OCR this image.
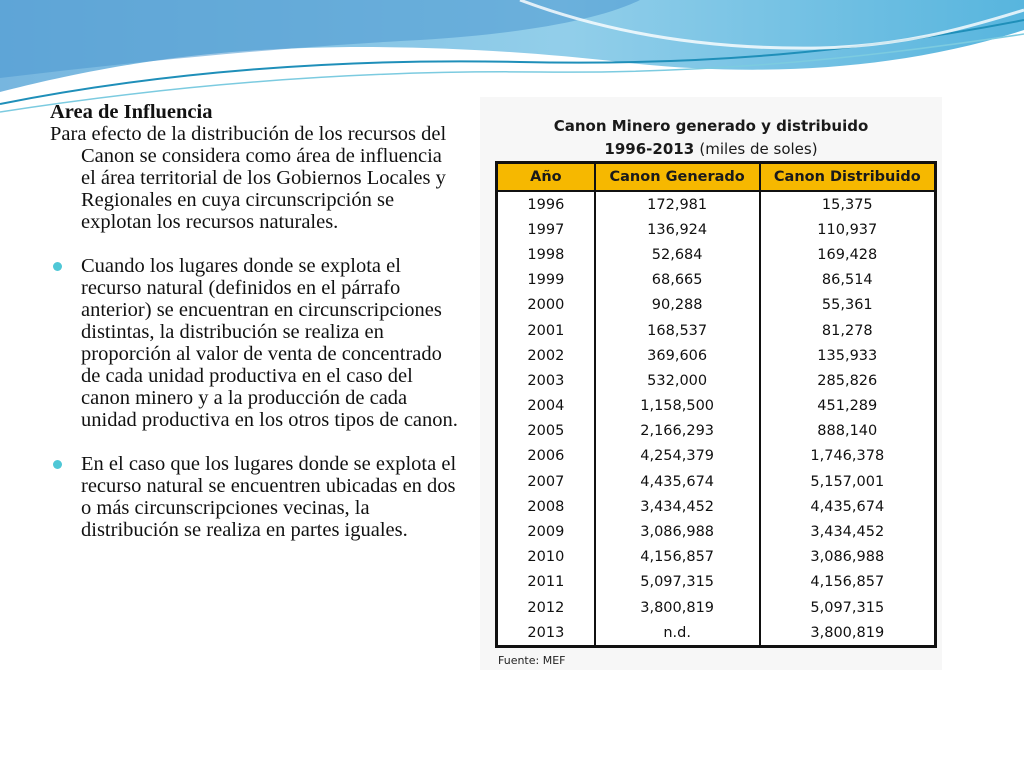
Area de Influencia

Para efecto de la distribución de los recursos del Canon se considera como área de influencia el área territorial de los Gobiernos Locales y Regionales en cuya circunscripción se explotan los recursos naturales.

Cuando los lugares donde se explota el recurso natural (definidos en el párrafo anterior) se encuentran en circunscripciones distintas, la distribución se realiza en proporción al valor de venta de concentrado de cada unidad productiva en el caso del canon minero y a la producción de cada unidad productiva en los otros tipos de canon.
En el caso que los lugares donde se explota el recurso natural se encuentren ubicadas en dos o más circunscripciones vecinas, la distribución se realiza en partes iguales.
Canon Minero generado y distribuido
1996-2013 (miles de soles)
Año	Canon Generado	Canon Distribuido
1996	172,981	15,375
1997	136,924	110,937
1998	52,684	169,428
1999	68,665	86,514
2000	90,288	55,361
2001	168,537	81,278
2002	369,606	135,933
2003	532,000	285,826
2004	1,158,500	451,289
2005	2,166,293	888,140
2006	4,254,379	1,746,378
2007	4,435,674	5,157,001
2008	3,434,452	4,435,674
2009	3,086,988	3,434,452
2010	4,156,857	3,086,988
2011	5,097,315	4,156,857
2012	3,800,819	5,097,315
2013	n.d.	3,800,819
Fuente: MEF
